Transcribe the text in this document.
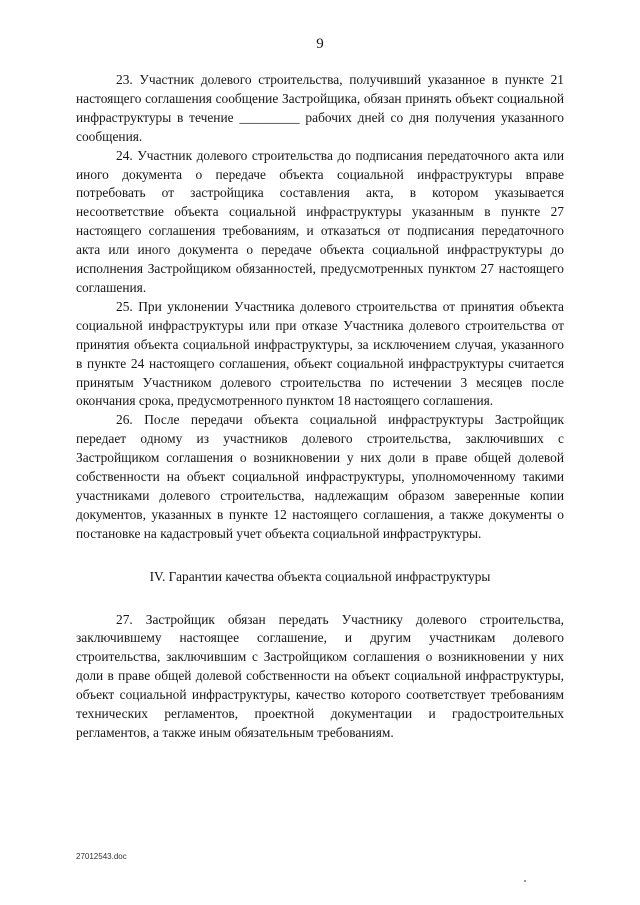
9

23. Участник долевого строительства, получивший указанное в пункте 21 настоящего соглашения сообщение Застройщика, обязан принять объект социальной инфраструктуры в течение _________ рабочих дней со дня получения указанного сообщения.

24. Участник долевого строительства до подписания передаточного акта или иного документа о передаче объекта социальной инфраструктуры вправе потребовать от застройщика составления акта, в котором указывается несоответствие объекта социальной инфраструктуры указанным в пункте 27 настоящего соглашения требованиям, и отказаться от подписания передаточного акта или иного документа о передаче объекта социальной инфраструктуры до исполнения Застройщиком обязанностей, предусмотренных пунктом 27 настоящего соглашения.

25. При уклонении Участника долевого строительства от принятия объекта социальной инфраструктуры или при отказе Участника долевого строительства от принятия объекта социальной инфраструктуры, за исключением случая, указанного в пункте 24 настоящего соглашения, объект социальной инфраструктуры считается принятым Участником долевого строительства по истечении 3 месяцев после окончания срока, предусмотренного пунктом 18 настоящего соглашения.

26. После передачи объекта социальной инфраструктуры Застройщик передает одному из участников долевого строительства, заключивших с Застройщиком соглашения о возникновении у них доли в праве общей долевой собственности на объект социальной инфраструктуры, уполномоченному такими участниками долевого строительства, надлежащим образом заверенные копии документов, указанных в пункте 12 настоящего соглашения, а также документы о постановке на кадастровый учет объекта социальной инфраструктуры.

IV. Гарантии качества объекта социальной инфраструктуры

27. Застройщик обязан передать Участнику долевого строительства, заключившему настоящее соглашение, и другим участникам долевого строительства, заключившим с Застройщиком соглашения о возникновении у них доли в праве общей долевой собственности на объект социальной инфраструктуры, объект социальной инфраструктуры, качество которого соответствует требованиям технических регламентов, проектной документации и градостроительных регламентов, а также иным обязательным требованиям.

27012543.doc
